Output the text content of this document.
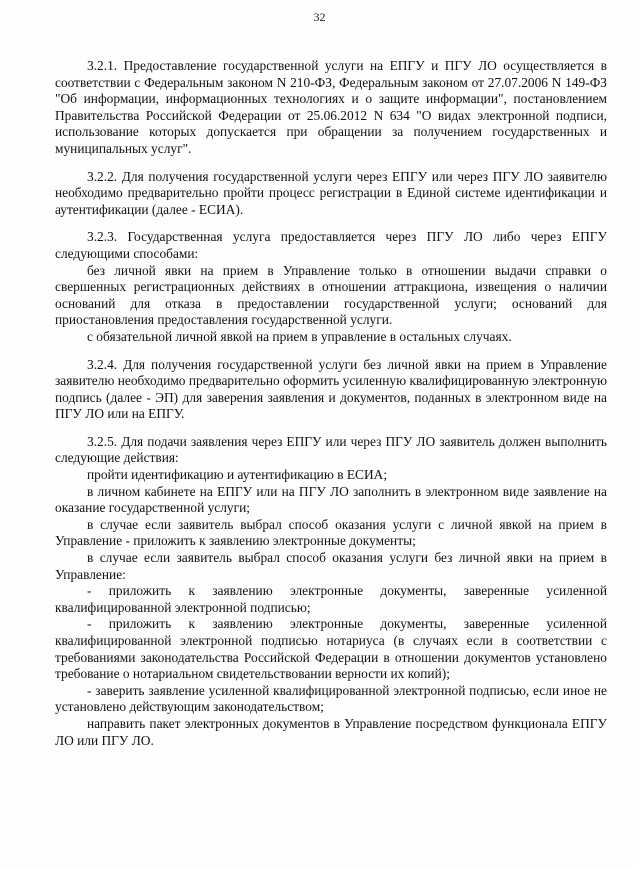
32

3.2.1. Предоставление государственной услуги на ЕПГУ и ПГУ ЛО осуществляется в соответствии с Федеральным законом N 210-ФЗ, Федеральным законом от 27.07.2006 N 149-ФЗ "Об информации, информационных технологиях и о защите информации", постановлением Правительства Российской Федерации от 25.06.2012 N 634 "О видах электронной подписи, использование которых допускается при обращении за получением государственных и муниципальных услуг".

3.2.2. Для получения государственной услуги через ЕПГУ или через ПГУ ЛО заявителю необходимо предварительно пройти процесс регистрации в Единой системе идентификации и аутентификации (далее - ЕСИА).

3.2.3. Государственная услуга предоставляется через ПГУ ЛО либо через ЕПГУ следующими способами:

без личной явки на прием в Управление только в отношении выдачи справки о свершенных регистрационных действиях в отношении аттракциона, извещения о наличии оснований для отказа в предоставлении государственной услуги; оснований для приостановления предоставления государственной услуги.

с обязательной личной явкой на прием в управление в остальных случаях.

3.2.4. Для получения государственной услуги без личной явки на прием в Управление заявителю необходимо предварительно оформить усиленную квалифицированную электронную подпись (далее - ЭП) для заверения заявления и документов, поданных в электронном виде на ПГУ ЛО или на ЕПГУ.

3.2.5. Для подачи заявления через ЕПГУ или через ПГУ ЛО заявитель должен выполнить следующие действия:

пройти идентификацию и аутентификацию в ЕСИА;

в личном кабинете на ЕПГУ или на ПГУ ЛО заполнить в электронном виде заявление на оказание государственной услуги;

в случае если заявитель выбрал способ оказания услуги с личной явкой на прием в Управление - приложить к заявлению электронные документы;

в случае если заявитель выбрал способ оказания услуги без личной явки на прием в Управление:

- приложить к заявлению электронные документы, заверенные усиленной квалифицированной электронной подписью;

- приложить к заявлению электронные документы, заверенные усиленной квалифицированной электронной подписью нотариуса (в случаях если в соответствии с требованиями законодательства Российской Федерации в отношении документов установлено требование о нотариальном свидетельствовании верности их копий);

- заверить заявление усиленной квалифицированной электронной подписью, если иное не установлено действующим законодательством;

направить пакет электронных документов в Управление посредством функционала ЕПГУ ЛО или ПГУ ЛО.
